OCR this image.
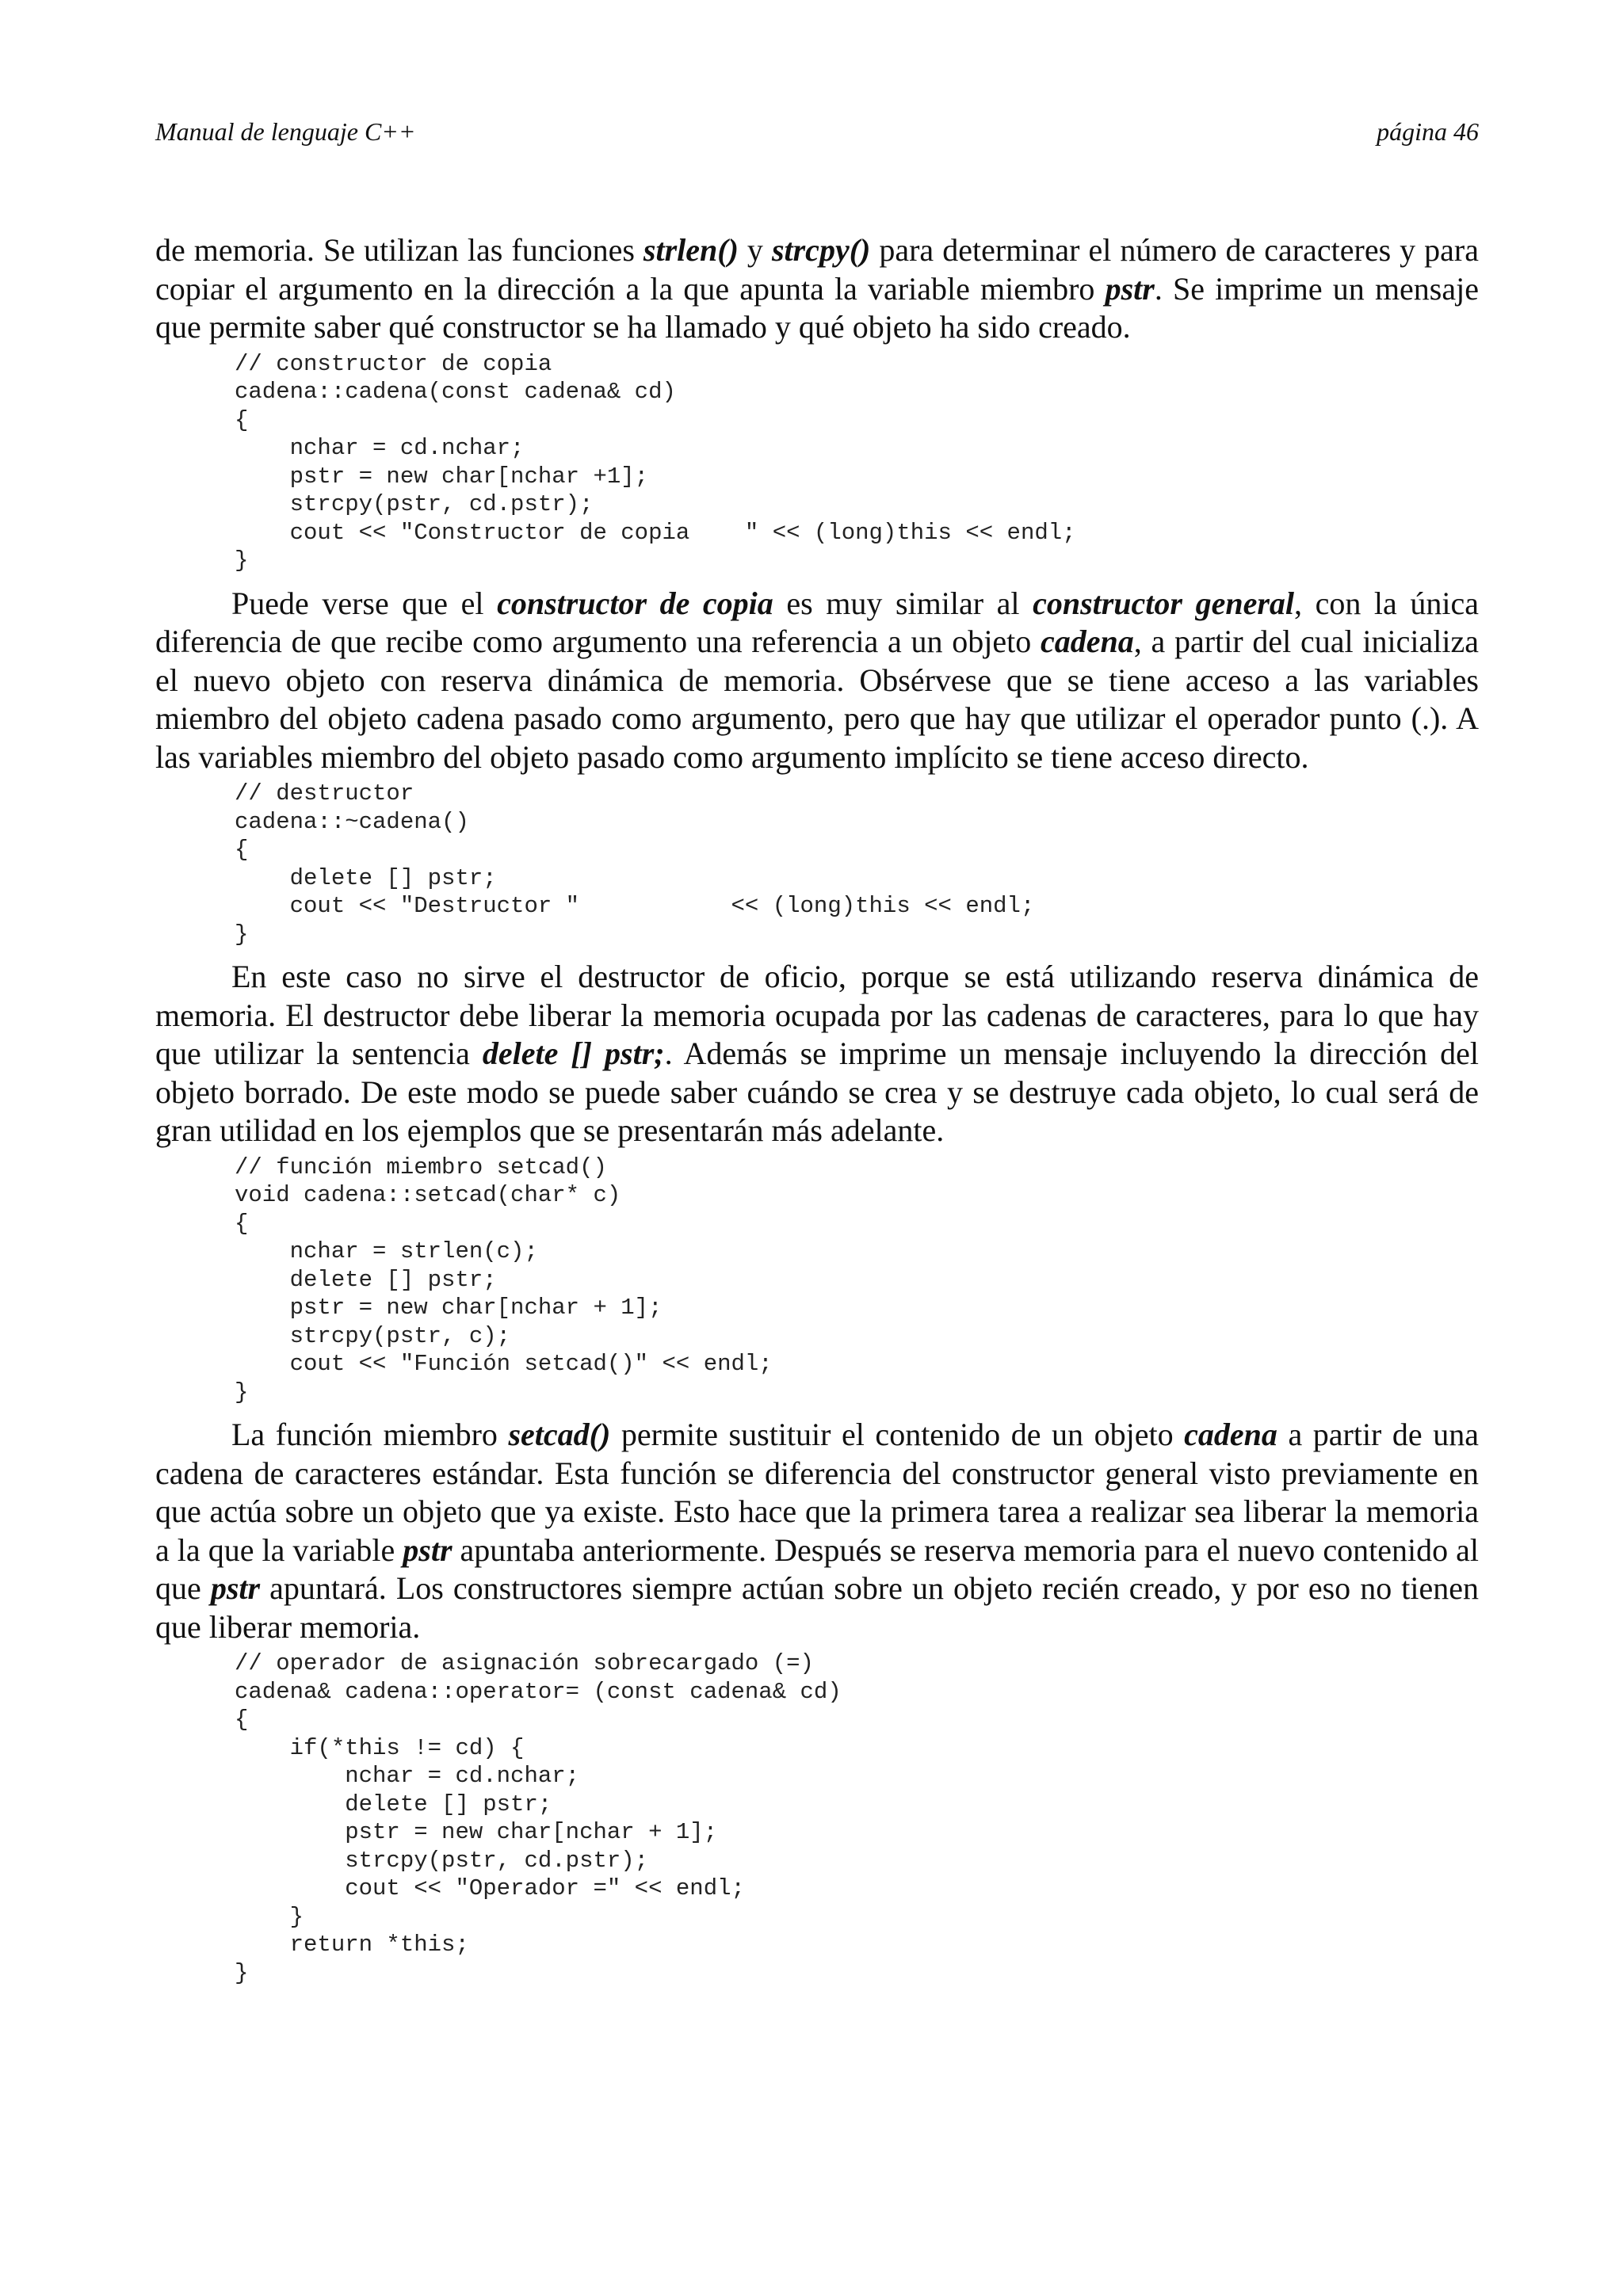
Manual de lenguaje C++	página 46

de memoria. Se utilizan las funciones strlen() y strcpy() para determinar el número de caracteres y para copiar el argumento en la dirección a la que apunta la variable miembro pstr. Se imprime un mensaje que permite saber qué constructor se ha llamado y qué objeto ha sido creado.

// constructor de copia
cadena::cadena(const cadena& cd)
{
nchar = cd.nchar;
pstr = new char[nchar +1];
strcpy(pstr, cd.pstr);
cout << "Constructor de copia    " << (long)this << endl;
}

Puede verse que el constructor de copia es muy similar al constructor general, con la única diferencia de que recibe como argumento una referencia a un objeto cadena, a partir del cual inicializa el nuevo objeto con reserva dinámica de memoria. Obsérvese que se tiene acceso a las variables miembro del objeto cadena pasado como argumento, pero que hay que utilizar el operador punto (.). A las variables miembro del objeto pasado como argumento implícito se tiene acceso directo.

// destructor
cadena::~cadena()
{
delete [] pstr;
cout << "Destructor "           << (long)this << endl;
}

En este caso no sirve el destructor de oficio, porque se está utilizando reserva dinámica de memoria. El destructor debe liberar la memoria ocupada por las cadenas de caracteres, para lo que hay que utilizar la sentencia delete [] pstr;. Además se imprime un mensaje incluyendo la dirección del objeto borrado. De este modo se puede saber cuándo se crea y se destruye cada objeto, lo cual será de gran utilidad en los ejemplos que se presentarán más adelante.

// función miembro setcad()
void cadena::setcad(char* c)
{
nchar = strlen(c);
delete [] pstr;
pstr = new char[nchar + 1];
strcpy(pstr, c);
cout << "Función setcad()" << endl;
}

La función miembro setcad() permite sustituir el contenido de un objeto cadena a partir de una cadena de caracteres estándar. Esta función se diferencia del constructor general visto previamente en que actúa sobre un objeto que ya existe. Esto hace que la primera tarea a realizar sea liberar la memoria a la que la variable pstr apuntaba anteriormente. Después se reserva memoria para el nuevo contenido al que pstr apuntará. Los constructores siempre actúan sobre un objeto recién creado, y por eso no tienen que liberar memoria.

// operador de asignación sobrecargado (=)
cadena& cadena::operator= (const cadena& cd)
{
if(*this != cd) {
nchar = cd.nchar;
delete [] pstr;
pstr = new char[nchar + 1];
strcpy(pstr, cd.pstr);
cout << "Operador =" << endl;
}
return *this;
}
